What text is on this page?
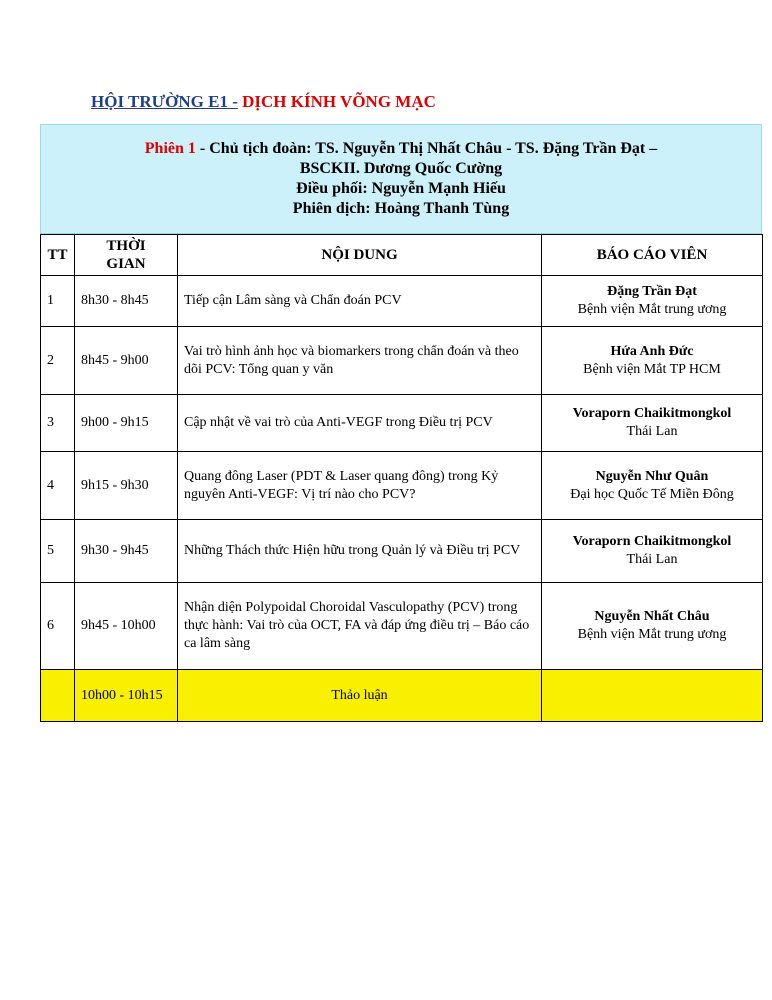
HỘI TRƯỜNG E1 - DỊCH KÍNH VÕNG MẠC
Phiên 1 - Chủ tịch đoàn: TS. Nguyễn Thị Nhất Châu - TS. Đặng Trần Đạt –
BSCKII. Dương Quốc Cường
Điều phối: Nguyễn Mạnh Hiếu
Phiên dịch: Hoàng Thanh Tùng
TT	THỜI GIAN	NỘI DUNG	BÁO CÁO VIÊN
1	8h30 - 8h45	Tiếp cận Lâm sàng và Chẩn đoán PCV	Đặng Trần Đạt
Bệnh viện Mắt trung ương

2	8h45 - 9h00	Vai trò hình ảnh học và biomarkers trong chẩn đoán và theo dõi PCV: Tổng quan y văn	Hứa Anh Đức
Bệnh viện Mắt TP HCM

3	9h00 - 9h15	Cập nhật về vai trò của Anti-VEGF trong Điều trị PCV	Voraporn Chaikitmongkol
Thái Lan

4	9h15 - 9h30	Quang đông Laser (PDT & Laser quang đông) trong Kỷ nguyên Anti-VEGF: Vị trí nào cho PCV?	Nguyễn Như Quân
Đại học Quốc Tế Miền Đông

5	9h30 - 9h45	Những Thách thức Hiện hữu trong Quản lý và Điều trị PCV	Voraporn Chaikitmongkol
Thái Lan

6	9h45 - 10h00	Nhận diện Polypoidal Choroidal Vasculopathy (PCV) trong thực hành: Vai trò của OCT, FA và đáp ứng điều trị – Báo cáo ca lâm sàng	Nguyễn Nhất Châu
Bệnh viện Mắt trung ương

	10h00 - 10h15	Thảo luận	
